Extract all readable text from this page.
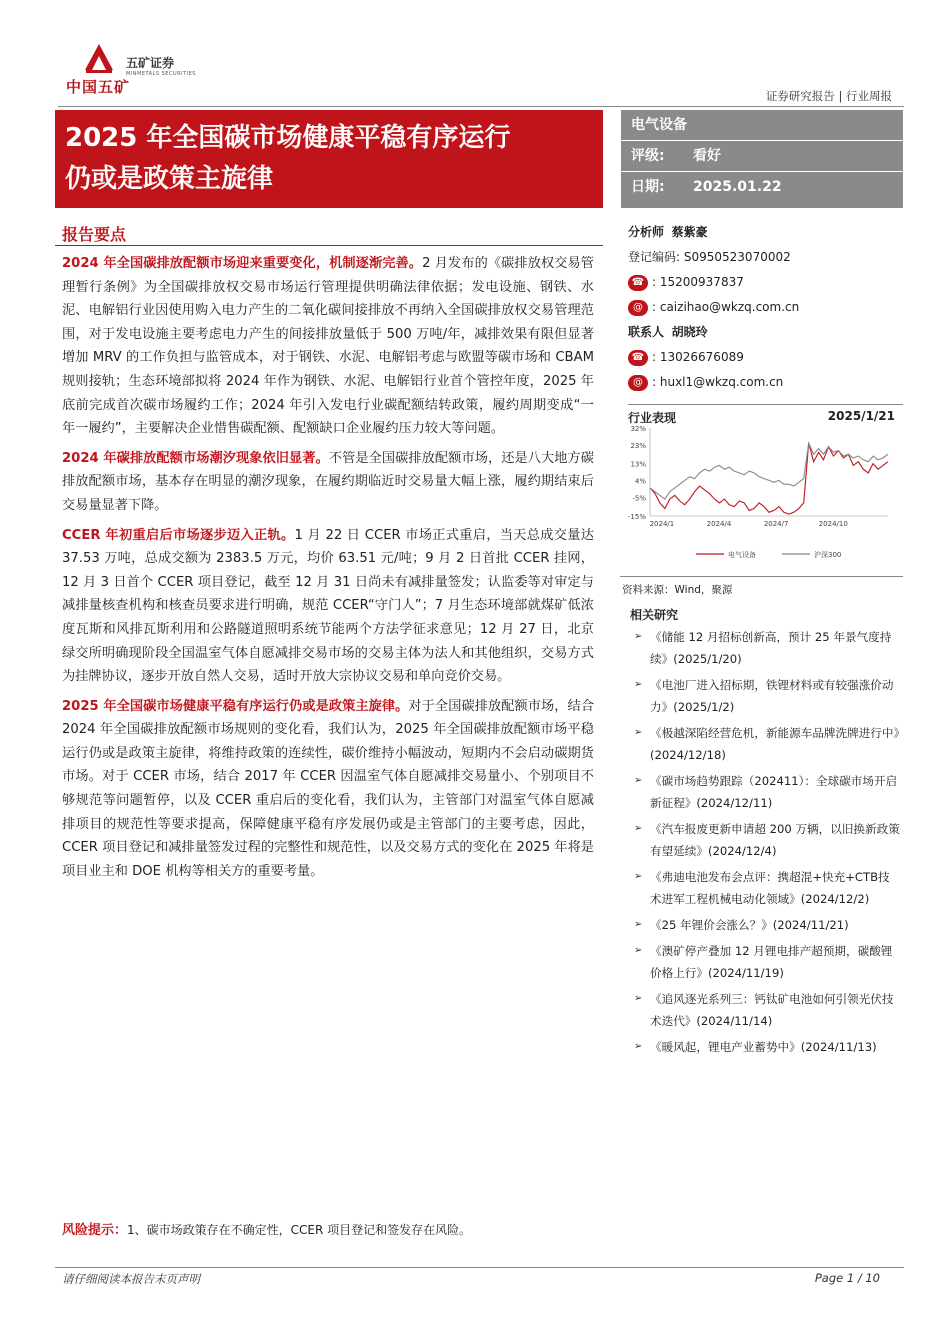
中国五矿
五矿证券
MINMETALS SECURITIES
证券研究报告 | 行业周报
2025 年全国碳市场健康平稳有序运行
仍或是政策主旋律
电气设备
评级: 看好
日期: 2025.01.22
报告要点

2024 年全国碳排放配额市场迎来重要变化，机制逐渐完善。2 月发布的《碳排放权交易管理暂行条例》为全国碳排放权交易市场运行管理提供明确法律依据；发电设施、钢铁、水泥、电解铝行业因使用购入电力产生的二氧化碳间接排放不再纳入全国碳排放权交易管理范围，对于发电设施主要考虑电力产生的间接排放量低于 500 万吨/年，减排效果有限但显著增加 MRV 的工作负担与监管成本，对于钢铁、水泥、电解铝考虑与欧盟等碳市场和 CBAM 规则接轨；生态环境部拟将 2024 年作为钢铁、水泥、电解铝行业首个管控年度，2025 年底前完成首次碳市场履约工作；2024 年引入发电行业碳配额结转政策，履约周期变成“一年一履约”，主要解决企业惜售碳配额、配额缺口企业履约压力较大等问题。

2024 年碳排放配额市场潮汐现象依旧显著。不管是全国碳排放配额市场，还是八大地方碳排放配额市场，基本存在明显的潮汐现象，在履约期临近时交易量大幅上涨，履约期结束后交易量显著下降。

CCER 年初重启后市场逐步迈入正轨。1 月 22 日 CCER 市场正式重启，当天总成交量达 37.53 万吨，总成交额为 2383.5 万元，均价 63.51 元/吨；9 月 2 日首批 CCER 挂网，12 月 3 日首个 CCER 项目登记，截至 12 月 31 日尚未有减排量签发；认监委等对审定与减排量核查机构和核查员要求进行明确，规范 CCER“守门人”；7 月生态环境部就煤矿低浓度瓦斯和风排瓦斯利用和公路隧道照明系统节能两个方法学征求意见；12 月 27 日，北京绿交所明确现阶段全国温室气体自愿减排交易市场的交易主体为法人和其他组织，交易方式为挂牌协议，逐步开放自然人交易，适时开放大宗协议交易和单向竞价交易。

2025 年全国碳市场健康平稳有序运行仍或是政策主旋律。对于全国碳排放配额市场，结合 2024 年全国碳排放配额市场规则的变化看，我们认为，2025 年全国碳排放配额市场平稳运行仍或是政策主旋律，将维持政策的连续性，碳价维持小幅波动，短期内不会启动碳期货市场。对于 CCER 市场，结合 2017 年 CCER 因温室气体自愿减排交易量小、个别项目不够规范等问题暂停，以及 CCER 重启后的变化看，我们认为，主管部门对温室气体自愿减排项目的规范性等要求提高，保障健康平稳有序发展仍或是主管部门的主要考虑，因此，CCER 项目登记和减排量签发过程的完整性和规范性，以及交易方式的变化在 2025 年将是项目业主和 DOE 机构等相关方的重要考量。

分析师 蔡紫豪
登记编码: S0950523070002
☎ : 15200937837
@ : caizihao@wkzq.com.cn
联系人 胡晓玲
☎ : 13026676089
@ : huxl1@wkzq.com.cn
行业表现	2025/1/21
32%
23%
13%
4%
-5%
-15%
2024/1	2024/4	2024/7	2024/10
电气设备	沪深300
资料来源：Wind，聚源
相关研究
➢ 《储能 12 月招标创新高，预计 25 年景气度持续》(2025/1/20)
➢ 《电池厂进入招标期，铁锂材料或有较强涨价动力》(2025/1/2)
➢ 《极越深陷经营危机，新能源车品牌洗牌进行中》(2024/12/18)
➢ 《碳市场趋势跟踪（202411）：全球碳市场开启新征程》(2024/12/11)
➢ 《汽车报废更新申请超 200 万辆，以旧换新政策有望延续》(2024/12/4)
➢ 《弗迪电池发布会点评：携超混+快充+CTB技术进军工程机械电动化领域》(2024/12/2)
➢ 《25 年锂价会涨么？》(2024/11/21)
➢ 《澳矿停产叠加 12 月锂电排产超预期，碳酸锂价格上行》(2024/11/19)
➢ 《追风逐光系列三：钙钛矿电池如何引领光伏技术迭代》(2024/11/14)
➢ 《暖风起，锂电产业蓄势中》(2024/11/13)
风险提示：1、碳市场政策存在不确定性，CCER 项目登记和签发存在风险。
请仔细阅读本报告末页声明	Page 1 / 10
